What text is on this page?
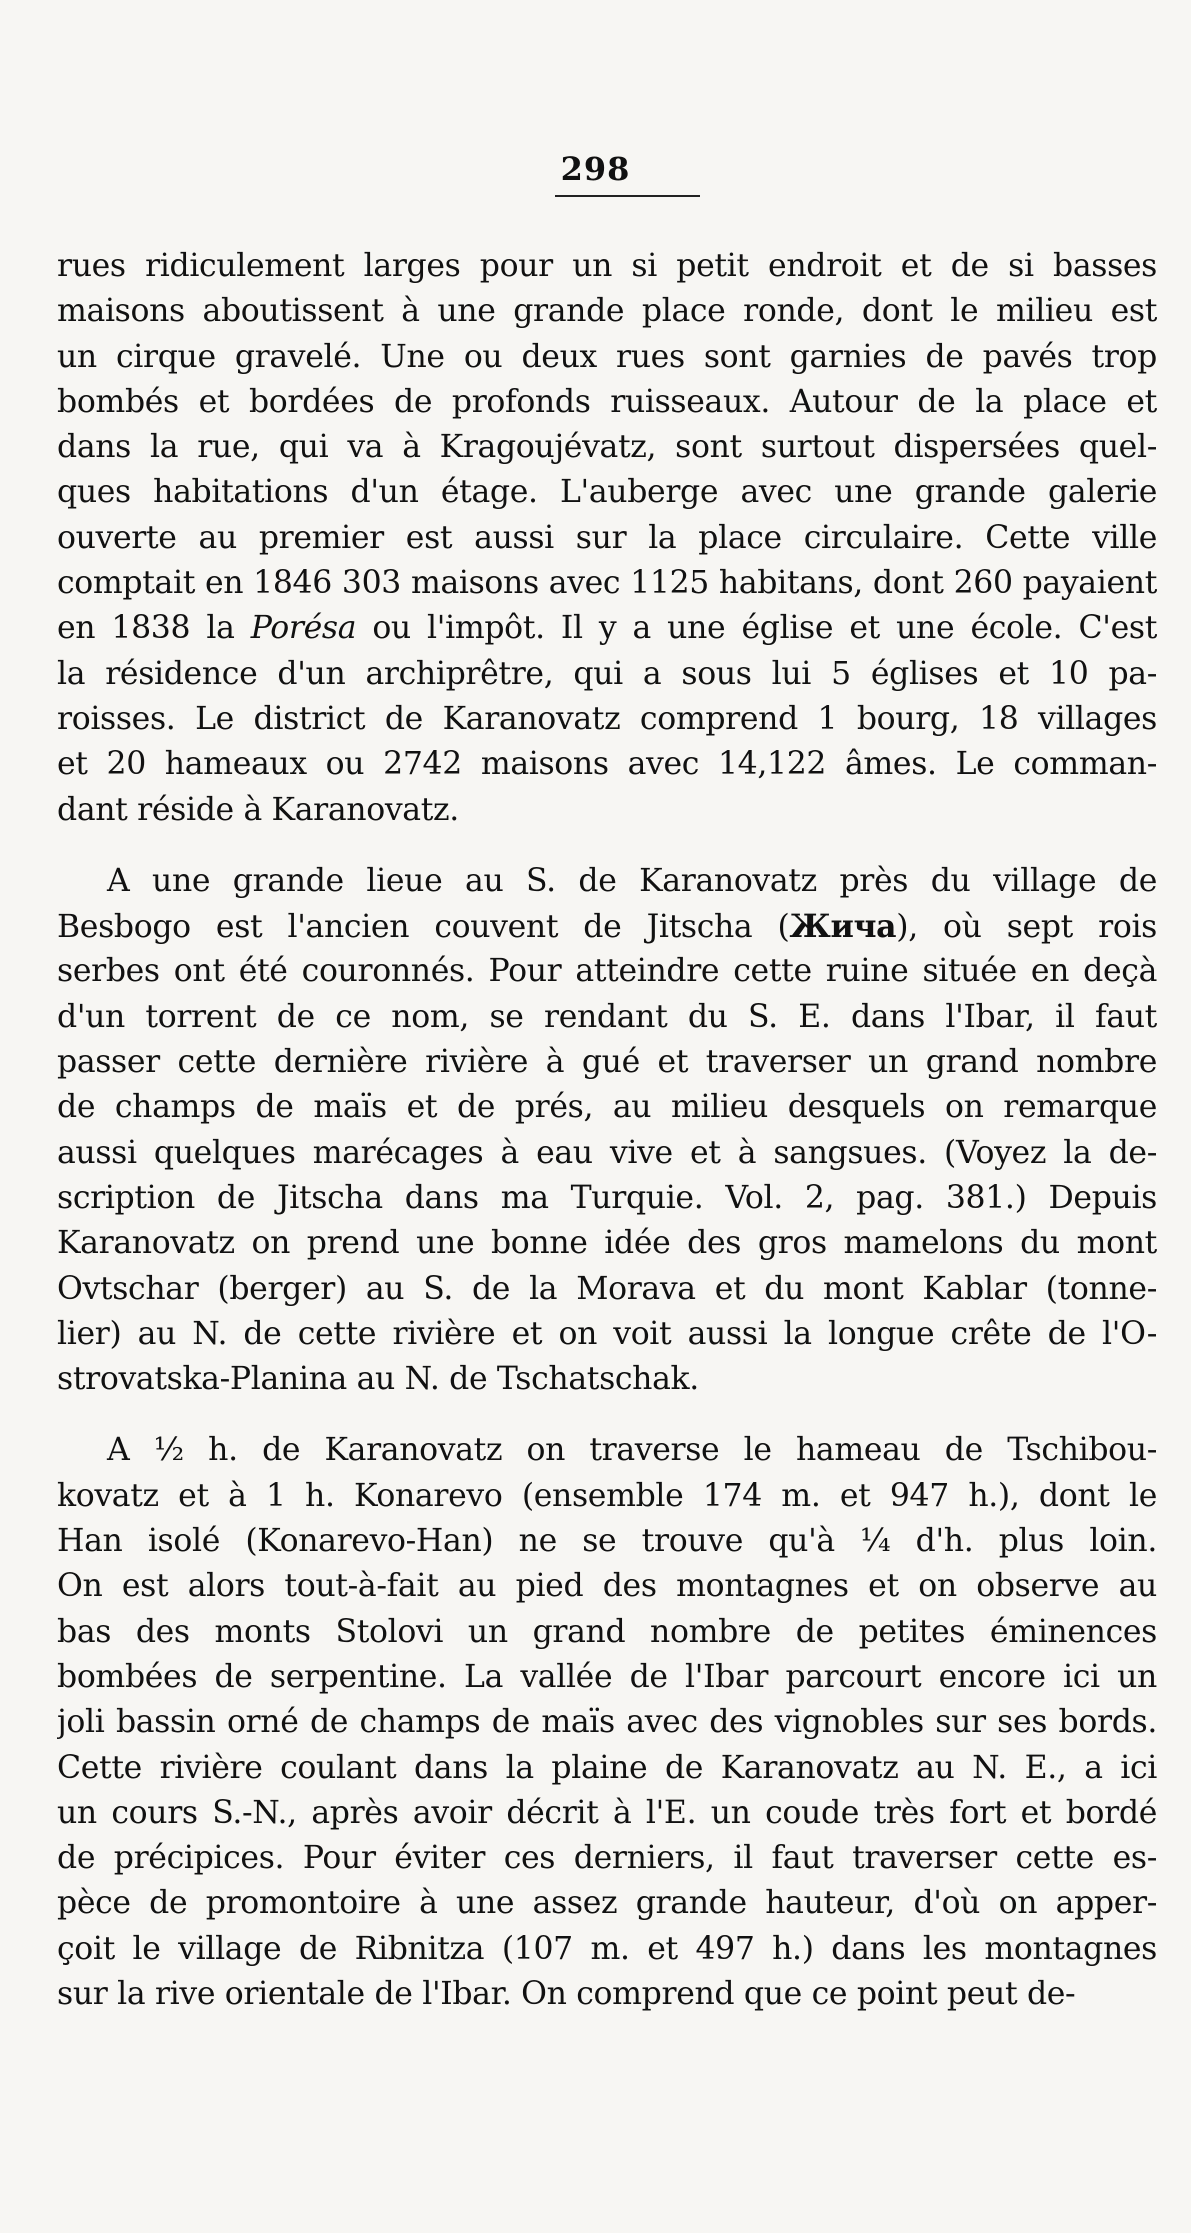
298
rues ridiculement larges pour un si petit endroit et de si basses
maisons aboutissent à une grande place ronde, dont le milieu est
un cirque gravelé. Une ou deux rues sont garnies de pavés trop
bombés et bordées de profonds ruisseaux. Autour de la place et
dans la rue, qui va à Kragoujévatz, sont surtout dispersées quel-
ques habitations d'un étage. L'auberge avec une grande galerie
ouverte au premier est aussi sur la place circulaire. Cette ville
comptait en 1846 303 maisons avec 1125 habitans, dont 260 payaient
en 1838 la Porésa ou l'impôt. Il y a une église et une école. C'est
la résidence d'un archiprêtre, qui a sous lui 5 églises et 10 pa-
roisses. Le district de Karanovatz comprend 1 bourg, 18 villages
et 20 hameaux ou 2742 maisons avec 14,122 âmes. Le comman-
dant réside à Karanovatz.
A une grande lieue au S. de Karanovatz près du village de
Besbogo est l'ancien couvent de Jitscha (Жича), où sept rois
serbes ont été couronnés. Pour atteindre cette ruine située en deçà
d'un torrent de ce nom, se rendant du S. E. dans l'Ibar, il faut
passer cette dernière rivière à gué et traverser un grand nombre
de champs de maïs et de prés, au milieu desquels on remarque
aussi quelques marécages à eau vive et à sangsues. (Voyez la de-
scription de Jitscha dans ma Turquie. Vol. 2, pag. 381.) Depuis
Karanovatz on prend une bonne idée des gros mamelons du mont
Ovtschar (berger) au S. de la Morava et du mont Kablar (tonne-
lier) au N. de cette rivière et on voit aussi la longue crête de l'O-
strovatska-Planina au N. de Tschatschak.
A ½ h. de Karanovatz on traverse le hameau de Tschibou-
kovatz et à 1 h. Konarevo (ensemble 174 m. et 947 h.), dont le
Han isolé (Konarevo-Han) ne se trouve qu'à ¼ d'h. plus loin.
On est alors tout-à-fait au pied des montagnes et on observe au
bas des monts Stolovi un grand nombre de petites éminences
bombées de serpentine. La vallée de l'Ibar parcourt encore ici un
joli bassin orné de champs de maïs avec des vignobles sur ses bords.
Cette rivière coulant dans la plaine de Karanovatz au N. E., a ici
un cours S.-N., après avoir décrit à l'E. un coude très fort et bordé
de précipices. Pour éviter ces derniers, il faut traverser cette es-
pèce de promontoire à une assez grande hauteur, d'où on apper-
çoit le village de Ribnitza (107 m. et 497 h.) dans les montagnes
sur la rive orientale de l'Ibar. On comprend que ce point peut de-
